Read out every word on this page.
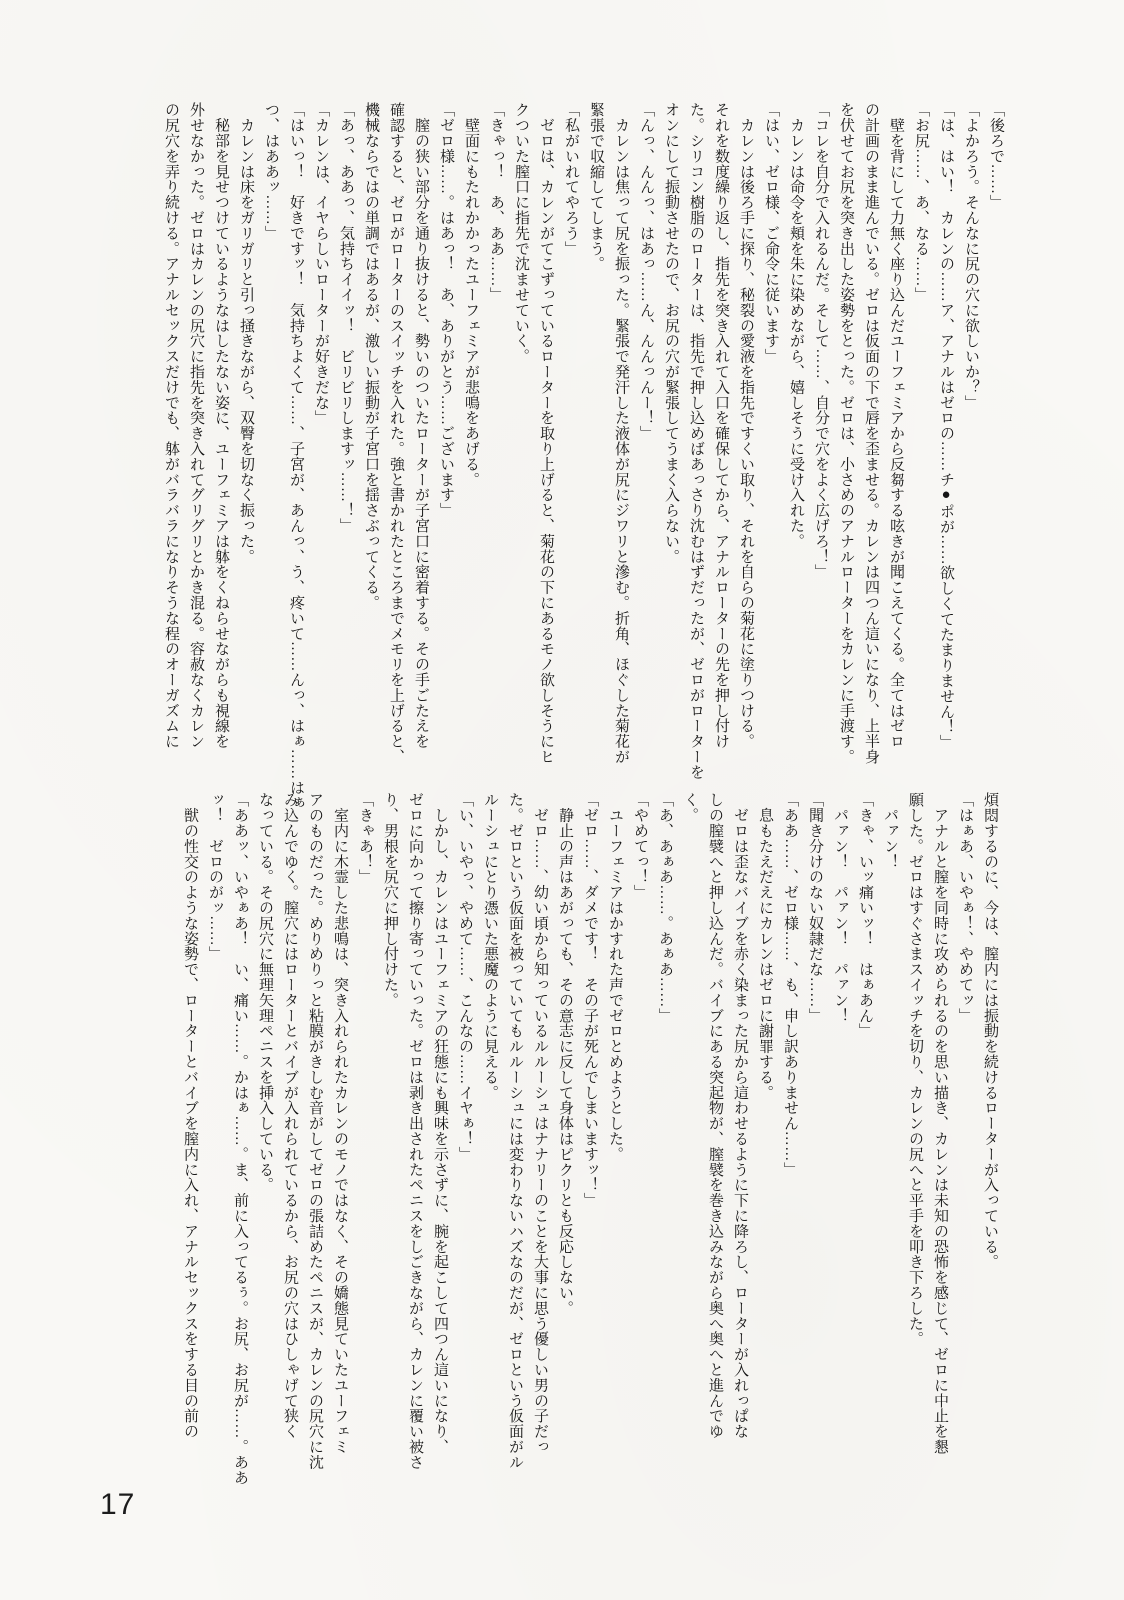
「後ろで……」
「よかろう。そんなに尻の穴に欲しいか？」
「は、はい！　カレンの……ア、アナルはゼロの……チ●ポが……欲しくてたまりません！」
「お尻……、あ、なる……」
　壁を背にして力無く座り込んだユーフェミアから反芻する呟きが聞こえてくる。全てはゼロ
の計画のまま進んでいる。ゼロは仮面の下で唇を歪ませる。カレンは四つん這いになり、上半身
を伏せてお尻を突き出した姿勢をとった。ゼロは、小さめのアナルローターをカレンに手渡す。
「コレを自分で入れるんだ。そして……、自分で穴をよく広げろ！」
　カレンは命令を頬を朱に染めながら、嬉しそうに受け入れた。
「はい、ゼロ様、ご命令に従います」
　カレンは後ろ手に探り、秘裂の愛液を指先ですくい取り、それを自らの菊花に塗りつける。
それを数度繰り返し、指先を突き入れて入口を確保してから、アナルローターの先を押し付け
た。シリコン樹脂のローターは、指先で押し込めばあっさり沈むはずだったが、ゼロがローターを
オンにして振動させたので、お尻の穴が緊張してうまく入らない。
「んっ、んんっ、はあっ……ん、んんっんー！」
　カレンは焦って尻を振った。緊張で発汗した液体が尻にジワリと滲む。折角、ほぐした菊花が
緊張で収縮してしまう。
「私がいれてやろう」
　ゼロは、カレンがてこずっているローターを取り上げると、菊花の下にあるモノ欲しそうにヒ
クついた膣口に指先で沈ませていく。
「きゃっ！　あ、ああ……」
　壁面にもたれかかったユーフェミアが悲鳴をあげる。
「ゼロ様……。はあっ！　あ、ありがとう……ございます」
　膣の狭い部分を通り抜けると、勢いのついたローターが子宮口に密着する。その手ごたえを
確認すると、ゼロがローターのスイッチを入れた。強と書かれたところまでメモリを上げると、
機械ならではの単調ではあるが、激しい振動が子宮口を揺さぶってくる。
「あっ、ああっ、気持ちイイッ！　ビリビリしますッ……！」
「カレンは、イヤらしいローターが好きだな」
「はいっ！　好きですッ！　気持ちよくて……、子宮が、あんっ、う、疼いて……んっ、はぁ……はぁ
つ、はああッ……」
　カレンは床をガリガリと引っ掻きながら、双臀を切なく振った。
　秘部を見せつけているようなはしたない姿に、ユーフェミアは躰をくねらせながらも視線を
外せなかった。ゼロはカレンの尻穴に指先を突き入れてグリグリとかき混る。容赦なくカレン
の尻穴を弄り続ける。アナルセックスだけでも、躰がバラバラになりそうな程のオーガズムに
煩悶するのに、今は、膣内には振動を続けるローターが入っている。
「はぁあ、いやぁ！、やめてッ」
　アナルと膣を同時に攻められるのを思い描き、カレンは未知の恐怖を感じて、ゼロに中止を懇
願した。ゼロはすぐさまスイッチを切り、カレンの尻へと平手を叩き下ろした。
　パァン！
「きゃ、いッ痛いッ！　はぁあん」
　パァン！　パァン！　パァン！
「聞き分けのない奴隷だな……」
「ああ……、ゼロ様……、も、申し訳ありません……」
　息もたえだえにカレンはゼロに謝罪する。
　ゼロは歪なバイブを赤く染まった尻から這わせるように下に降ろし、ローターが入れっぱな
しの膣襞へと押し込んだ。バイブにある突起物が、膣襞を巻き込みながら奥へ奥へと進んでゆ
く。
「あ、あぁあ……。あぁあ……」
「やめてっ！」
　ユーフェミアはかすれた声でゼロとめようとした。
「ゼロ……、ダメです！　その子が死んでしまいますッ！」
　静止の声はあがっても、その意志に反して身体はピクリとも反応しない。
　ゼロ……、幼い頃から知っているルルーシュはナナリーのことを大事に思う優しい男の子だっ
た。ゼロという仮面を被っていてもルルーシュには変わりないハズなのだが、ゼロという仮面がル
ルーシュにとり憑いた悪魔のように見える。
「い、いやっ、やめて……、こんなの……イヤぁ！」
　しかし、カレンはユーフェミアの狂態にも興味を示さずに、腕を起こして四つん這いになり、
ゼロに向かって擦り寄っていった。ゼロは剥き出されたペニスをしごきながら、カレンに覆い被さ
り、男根を尻穴に押し付けた。
「きゃあ！」
　室内に木霊した悲鳴は、突き入れられたカレンのモノではなく、その嬌態見ていたユーフェミ
アのものだった。めりめりっと粘膜がきしむ音がしてゼロの張詰めたペニスが、カレンの尻穴に沈
み込んでゆく。膣穴にはローターとバイブが入れられているから、お尻の穴はひしゃげて狭く
なっている。その尻穴に無理矢理ペニスを挿入している。
「ああッ、いやぁあ！　い、痛い……。かはぁ……。ま、前に入ってるぅ。お尻、お尻が……。ああ
ッ！　ゼロのがッ……」
　獣の性交のような姿勢で、ローターとバイブを膣内に入れ、アナルセックスをする目の前の
17
